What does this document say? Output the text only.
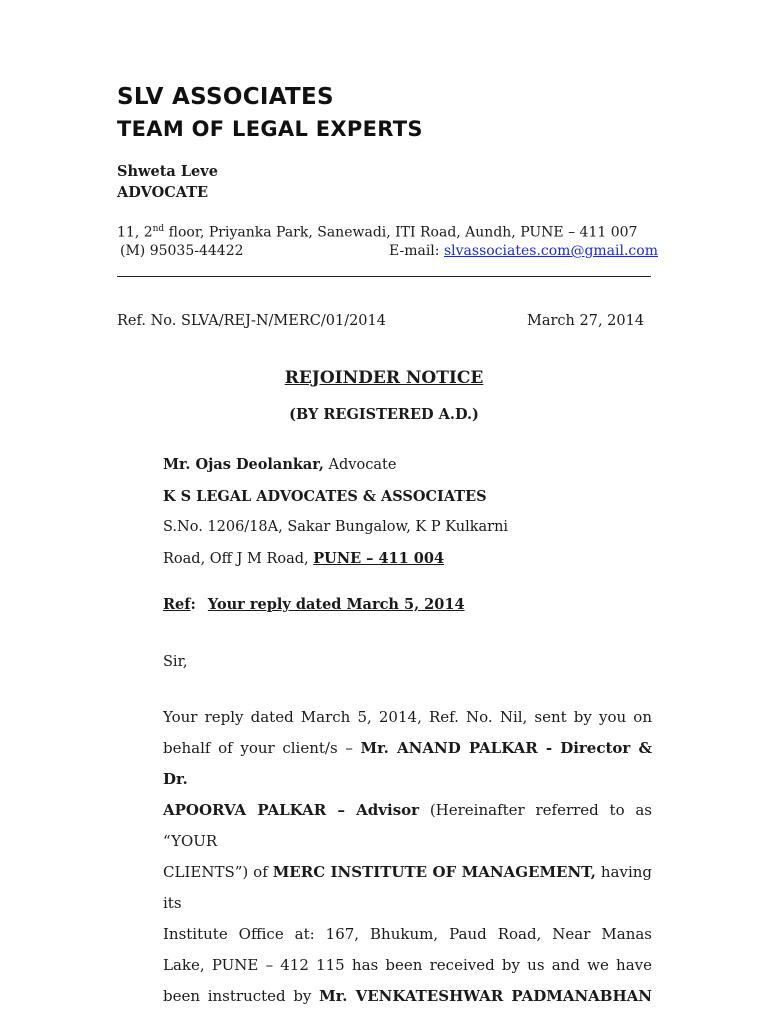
SLV ASSOCIATES
TEAM OF LEGAL EXPERTS
Shweta Leve
ADVOCATE
11, 2nd floor, Priyanka Park, Sanewadi, ITI Road, Aundh, PUNE – 411 007
(M) 95035-44422	E-mail: slvassociates.com@gmail.com
Ref. No. SLVA/REJ-N/MERC/01/2014	March 27, 2014
REJOINDER NOTICE
(BY REGISTERED A.D.)
Mr. Ojas Deolankar, Advocate
K S LEGAL ADVOCATES & ASSOCIATES
S.No. 1206/18A, Sakar Bungalow, K P Kulkarni
Road, Off J M Road, PUNE – 411 004
Ref: Your reply dated March 5, 2014
Sir,
Your reply dated March 5, 2014, Ref. No. Nil, sent by you on
behalf of your client/s – Mr. ANAND PALKAR - Director & Dr.
APOORVA PALKAR – Advisor (Hereinafter referred to as “YOUR
CLIENTS”) of MERC INSTITUTE OF MANAGEMENT, having its
Institute Office at: 167, Bhukum, Paud Road, Near Manas
Lake, PUNE – 412 115 has been received by us and we have
been instructed by Mr. VENKATESHWAR PADMANABHAN
